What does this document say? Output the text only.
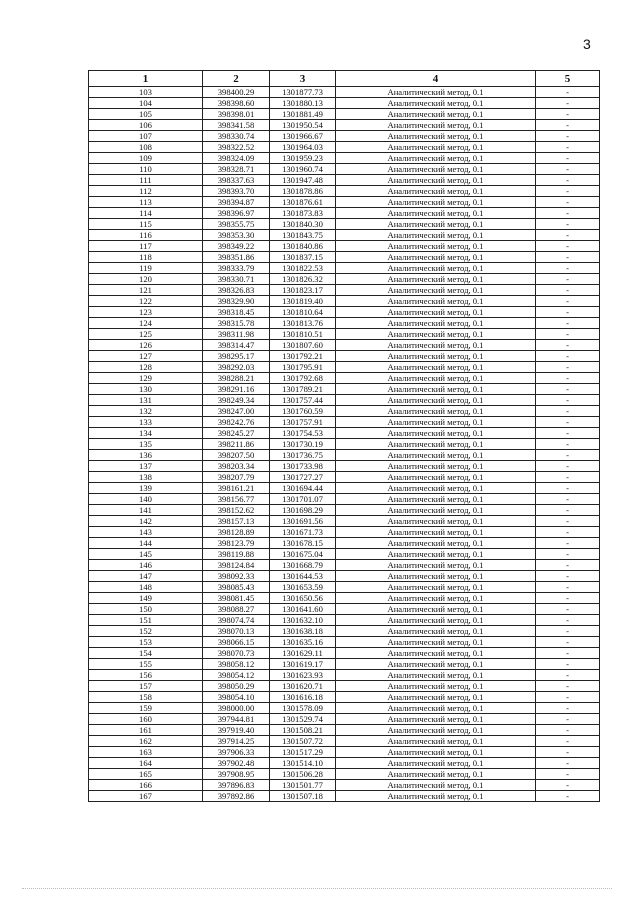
3
1	2	3	4	5
103	398400.29	1301877.73	Аналитический метод, 0.1	-
104	398398.60	1301880.13	Аналитический метод, 0.1	-
105	398398.01	1301881.49	Аналитический метод, 0.1	-
106	398341.58	1301950.54	Аналитический метод, 0.1	-
107	398330.74	1301966.67	Аналитический метод, 0.1	-
108	398322.52	1301964.03	Аналитический метод, 0.1	-
109	398324.09	1301959.23	Аналитический метод, 0.1	-
110	398328.71	1301960.74	Аналитический метод, 0.1	-
111	398337.63	1301947.48	Аналитический метод, 0.1	-
112	398393.70	1301878.86	Аналитический метод, 0.1	-
113	398394.87	1301876.61	Аналитический метод, 0.1	-
114	398396.97	1301873.83	Аналитический метод, 0.1	-
115	398355.75	1301840.30	Аналитический метод, 0.1	-
116	398353.30	1301843.75	Аналитический метод, 0.1	-
117	398349.22	1301840.86	Аналитический метод, 0.1	-
118	398351.86	1301837.15	Аналитический метод, 0.1	-
119	398333.79	1301822.53	Аналитический метод, 0.1	-
120	398330.71	1301826.32	Аналитический метод, 0.1	-
121	398326.83	1301823.17	Аналитический метод, 0.1	-
122	398329.90	1301819.40	Аналитический метод, 0.1	-
123	398318.45	1301810.64	Аналитический метод, 0.1	-
124	398315.78	1301813.76	Аналитический метод, 0.1	-
125	398311.98	1301810.51	Аналитический метод, 0.1	-
126	398314.47	1301807.60	Аналитический метод, 0.1	-
127	398295.17	1301792.21	Аналитический метод, 0.1	-
128	398292.03	1301795.91	Аналитический метод, 0.1	-
129	398288.21	1301792.68	Аналитический метод, 0.1	-
130	398291.16	1301789.21	Аналитический метод, 0.1	-
131	398249.34	1301757.44	Аналитический метод, 0.1	-
132	398247.00	1301760.59	Аналитический метод, 0.1	-
133	398242.76	1301757.91	Аналитический метод, 0.1	-
134	398245.27	1301754.53	Аналитический метод, 0.1	-
135	398211.86	1301730.19	Аналитический метод, 0.1	-
136	398207.50	1301736.75	Аналитический метод, 0.1	-
137	398203.34	1301733.98	Аналитический метод, 0.1	-
138	398207.79	1301727.27	Аналитический метод, 0.1	-
139	398161.21	1301694.44	Аналитический метод, 0.1	-
140	398156.77	1301701.07	Аналитический метод, 0.1	-
141	398152.62	1301698.29	Аналитический метод, 0.1	-
142	398157.13	1301691.56	Аналитический метод, 0.1	-
143	398128.89	1301671.73	Аналитический метод, 0.1	-
144	398123.79	1301678.15	Аналитический метод, 0.1	-
145	398119.88	1301675.04	Аналитический метод, 0.1	-
146	398124.84	1301668.79	Аналитический метод, 0.1	-
147	398092.33	1301644.53	Аналитический метод, 0.1	-
148	398085.43	1301653.59	Аналитический метод, 0.1	-
149	398081.45	1301650.56	Аналитический метод, 0.1	-
150	398088.27	1301641.60	Аналитический метод, 0.1	-
151	398074.74	1301632.10	Аналитический метод, 0.1	-
152	398070.13	1301638.18	Аналитический метод, 0.1	-
153	398066.15	1301635.16	Аналитический метод, 0.1	-
154	398070.73	1301629.11	Аналитический метод, 0.1	-
155	398058.12	1301619.17	Аналитический метод, 0.1	-
156	398054.12	1301623.93	Аналитический метод, 0.1	-
157	398050.29	1301620.71	Аналитический метод, 0.1	-
158	398054.10	1301616.18	Аналитический метод, 0.1	-
159	398000.00	1301578.09	Аналитический метод, 0.1	-
160	397944.81	1301529.74	Аналитический метод, 0.1	-
161	397919.40	1301508.21	Аналитический метод, 0.1	-
162	397914.25	1301507.72	Аналитический метод, 0.1	-
163	397906.33	1301517.29	Аналитический метод, 0.1	-
164	397902.48	1301514.10	Аналитический метод, 0.1	-
165	397908.95	1301506.28	Аналитический метод, 0.1	-
166	397896.83	1301501.77	Аналитический метод, 0.1	-
167	397892.86	1301507.18	Аналитический метод, 0.1	-
